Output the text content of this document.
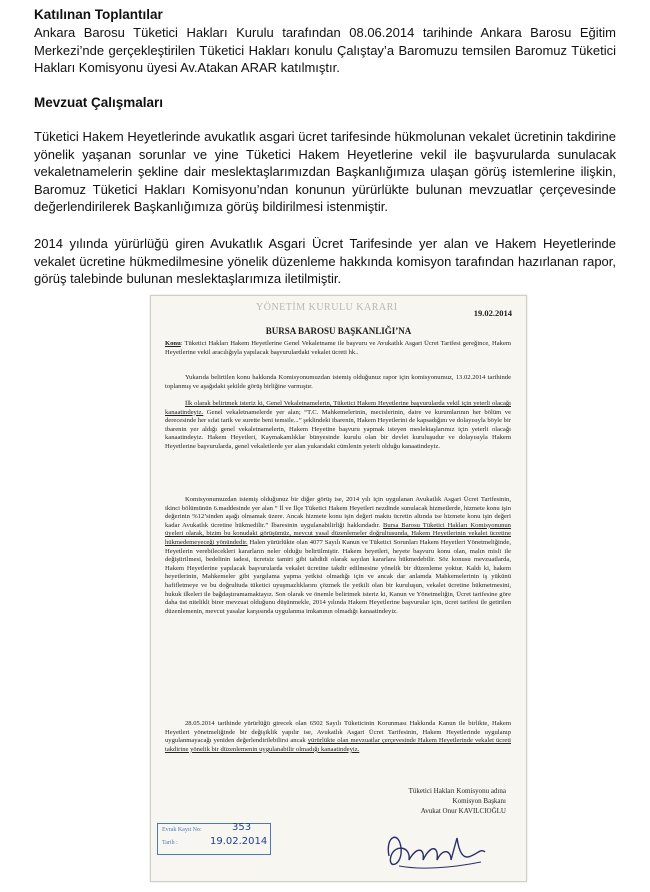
Katılınan Toplantılar

Ankara Barosu Tüketici Hakları Kurulu tarafından 08.06.2014 tarihinde Ankara Barosu Eğitim Merkezi’nde gerçekleştirilen Tüketici Hakları konulu Çalıştay’a Baromuzu temsilen Baromuz Tüketici Hakları Komisyonu üyesi Av.Atakan ARAR katılmıştır.

Mevzuat Çalışmaları

Tüketici Hakem Heyetlerinde avukatlık asgari ücret tarifesinde hükmolunan vekalet ücretinin takdirine yönelik yaşanan sorunlar ve yine Tüketici Hakem Heyetlerine vekil ile başvurularda sunulacak vekaletnamelerin şekline dair meslektaşlarımızdan Başkanlığımıza ulaşan görüş istemlerine ilişkin, Baromuz Tüketici Hakları Komisyonu’ndan konunun yürürlükte bulunan mevzuatlar çerçevesinde değerlendirilerek Başkanlığımıza görüş bildirilmesi istenmiştir.

2014 yılında yürürlüğü giren Avukatlık Asgari Ücret Tarifesinde yer alan ve Hakem Heyetlerinde vekalet ücretine hükmedilmesine yönelik düzenleme hakkında komisyon tarafından hazırlanan rapor, görüş talebinde bulunan meslektaşlarımıza iletilmiştir.

YÖNETİM KURULU KARARI	19.02.2014
BURSA BAROSU BAŞKANLIĞI’NA

Konu: Tüketici Hakları Hakem Heyetlerine Genel Vekaletname ile başvuru ve Avukatlık Asgari Ücret Tarifesi gereğince, Hakem Heyetlerine vekil aracılığıyla yapılacak başvurulardaki vekalet ücreti hk..

Yukarıda belirtilen konu hakkında Komisyonumuzdan istemiş olduğunuz rapor için komisyonumuz, 13.02.2014 tarihinde toplanmış ve aşağıdaki şekilde görüş birliğine varmıştır.

İlk olarak belirtmek isteriz ki, Genel Vekaletnamelerin, Tüketici Hakem Heyetlerine başvurularda vekil için yeterli olacağı kanaatindeyiz. Genel vekaletnamelerde yer alan; “T.C. Mahkemelerinin, mecislerinin, daire ve kurumlarının her bölüm ve derecesinde her sıfat tarik ve surette beni temsile...” şeklindeki ibarenin, Hakem Heyetlerini de kapsadığını ve dolayısıyla böyle bir ibarenin yer aldığı genel vekaletnamelerin, Hakem Heyetine başvuru yapmak isteyen meslektaşlarımız için yeterli olacağı kanaatindeyiz. Hakem Heyetleri, Kaymakamlıklar bünyesinde kurulu olan bir devlet kuruluşudur ve dolayısıyla Hakem Heyetlerine başvurularda, genel vekaletlerde yer alan yukarıdaki cümlenin yeterli olduğu kanaatindeyiz.

Komisyonumuzdan istemiş olduğunuz bir diğer görüş ise, 2014 yılı için uygulanan Avukatlık Asgari Ücret Tarifesinin, ikinci bölümünün 6.maddesinde yer alan “ İl ve İlçe Tüketici Hakem Heyetleri nezdinde sunulacak hizmetlerde, hizmete konu işin değerinin %12’sinden aşağı olmamak üzere. Ancak hizmete konu işin değeri maktu ücretin altında ise hizmete konu işin değeri kadar Avukatlık ücretine hükmedilir.” İbaresinin uygulanabilirliği hakkındadır. Bursa Barosu Tüketici Hakları Komisyonunun üyeleri olarak, bizim bu konudaki görüşümüz, mevcut yasal düzenlemeler doğrultusunda, Hakem Heyetlerinin vekalet ücretine hükmedemeyeceği yönündedir. Halen yürürlükte olan 4077 Sayılı Kanun ve Tüketici Sorunları Hakem Heyetleri Yönetmeliğinde, Heyetlerin verebilecekleri kararların neler olduğu belirtilmiştir. Hakem heyetleri, heyete başvuru konu olan, malın misli ile değiştirilmesi, bedelinin iadesi, ücretsiz tamiri gibi tahdidi olarak sayılan kararlara hükmedebilir. Söz konusu mevzuatlarda, Hakem Heyetlerine yapılacak başvurularda vekalet ücretine takdir edilmesine yönelik bir düzenleme yoktur. Kaldı ki, hakem heyetlerinin, Mahkemeler gibi yargılama yapma yetkisi olmadığı için ve ancak dar anlamda Mahkemelerinin iş yükünü hafifletmeye ve bu doğrultuda tüketici uyuşmazlıklarını çözmek ile yetkili olan bir kuruluşun, vekalet ücretine hükmetmesini, hukuk ilkeleri ile bağdaştıramamaktayız. Son olarak ve önemle belirtmek isteriz ki, Kanun ve Yönetmeliğin, Ücret tarifesine göre daha üst nitelikli birer mevzuat olduğunu düşünmekle, 2014 yılında Hakem Heyetlerine başvurular için, ücret tarifesi ile getirilen düzenlemenin, mevcut yasalar karşısında uygulanma imkanının olmadığı kanaatindeyiz.

28.05.2014 tarihinde yürürlüğü girecek olan 6502 Sayılı Tüketicinin Korunması Hakkında Kanun ile birlikte, Hakem Heyetleri yönetmeliğinde bir değişiklik yapılır ise, Avukatlık Asgari Ücret Tarifesinin, Hakem Heyetlerinde uygulanıp uygulanmayacağı yeniden değerlendirilebilirsi ancak yürürlükte olan mevzuatlar çerçevesinde Hakem Heyetlerinde vekalet ücreti takdirine yönelik bir düzenlemenin uygulanabilir olmadığı kanaatindeyiz.

Tüketici Hakları Komisyonu adına
Komisyon Başkanı
Avukat Onur KAVILCIOĞLU
Evrak Kayıt No:
Tarih :
353
19.02.2014
